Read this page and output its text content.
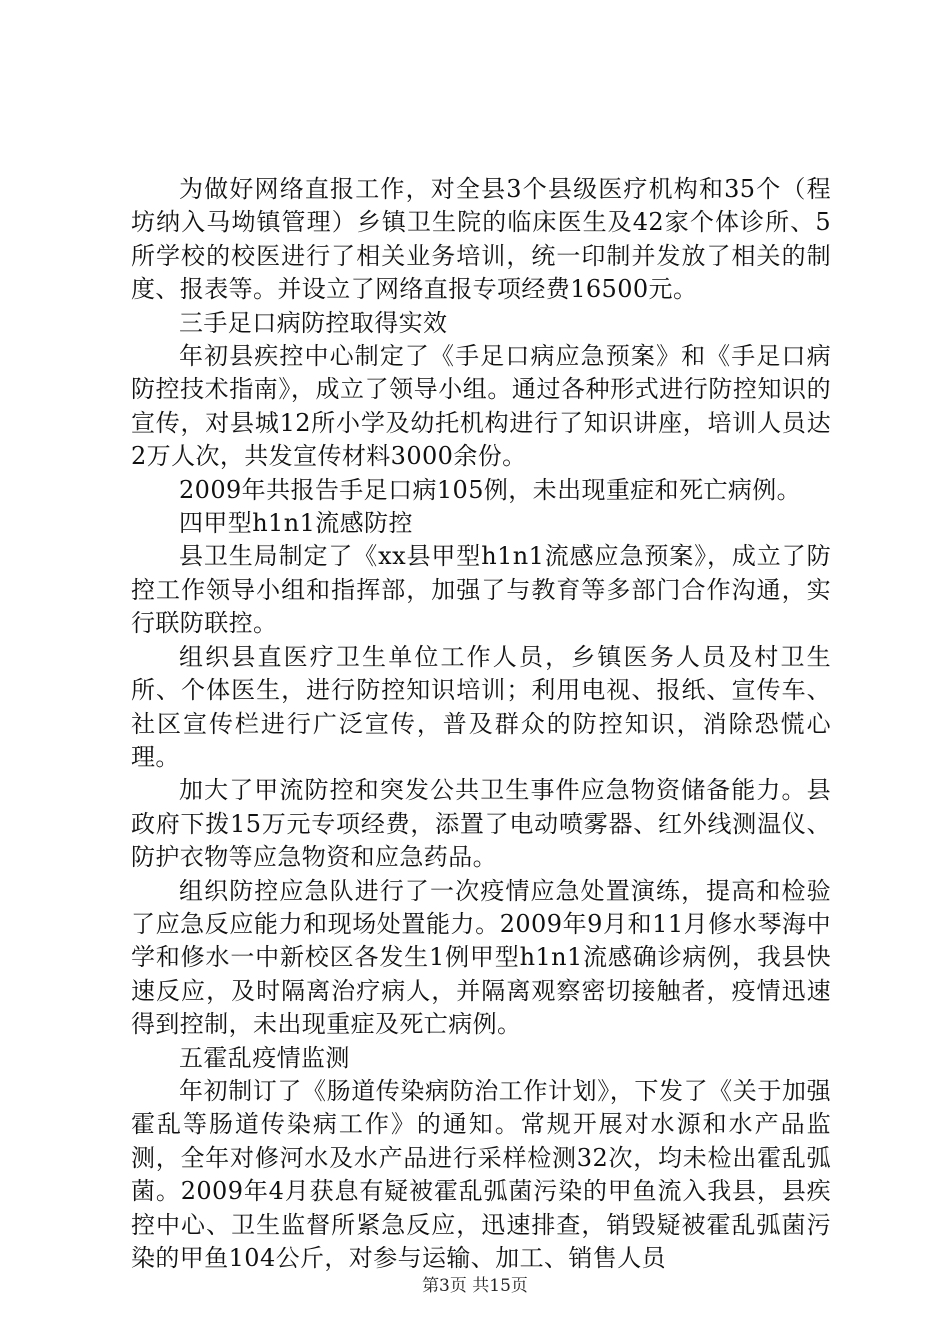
为做好网络直报工作，对全县3个县级医疗机构和35个（程坊纳入马坳镇管理）乡镇卫生院的临床医生及42家个体诊所、5所学校的校医进行了相关业务培训，统一印制并发放了相关的制度、报表等。并设立了网络直报专项经费16500元。

三手足口病防控取得实效

年初县疾控中心制定了《手足口病应急预案》和《手足口病防控技术指南》，成立了领导小组。通过各种形式进行防控知识的宣传，对县城12所小学及幼托机构进行了知识讲座，培训人员达2万人次，共发宣传材料3000余份。

2009年共报告手足口病105例，未出现重症和死亡病例。

四甲型h1n1流感防控

县卫生局制定了《xx县甲型h1n1流感应急预案》，成立了防控工作领导小组和指挥部，加强了与教育等多部门合作沟通，实行联防联控。

组织县直医疗卫生单位工作人员，乡镇医务人员及村卫生所、个体医生，进行防控知识培训；利用电视、报纸、宣传车、社区宣传栏进行广泛宣传，普及群众的防控知识，消除恐慌心理。

加大了甲流防控和突发公共卫生事件应急物资储备能力。县政府下拨15万元专项经费，添置了电动喷雾器、红外线测温仪、防护衣物等应急物资和应急药品。

组织防控应急队进行了一次疫情应急处置演练，提高和检验了应急反应能力和现场处置能力。2009年9月和11月修水琴海中学和修水一中新校区各发生1例甲型h1n1流感确诊病例，我县快速反应，及时隔离治疗病人，并隔离观察密切接触者，疫情迅速得到控制，未出现重症及死亡病例。

五霍乱疫情监测

年初制订了《肠道传染病防治工作计划》，下发了《关于加强霍乱等肠道传染病工作》的通知。常规开展对水源和水产品监测，全年对修河水及水产品进行采样检测32次，均未检出霍乱弧菌。2009年4月获息有疑被霍乱弧菌污染的甲鱼流入我县，县疾控中心、卫生监督所紧急反应，迅速排查，销毁疑被霍乱弧菌污染的甲鱼104公斤，对参与运输、加工、销售人员

第3页 共15页
